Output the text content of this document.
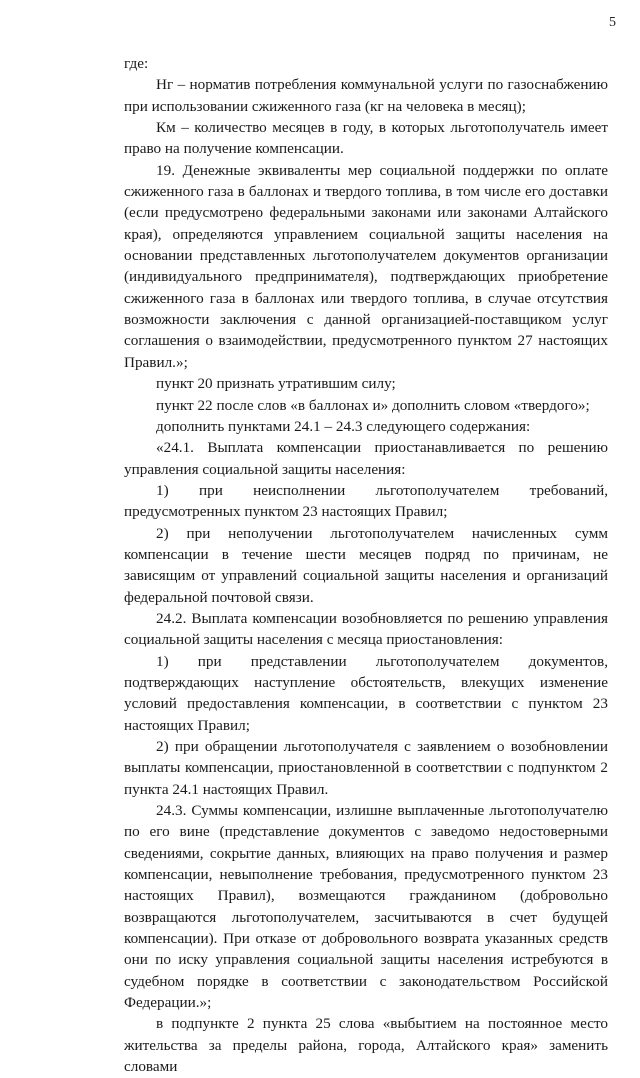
5

где:

Нг – норматив потребления коммунальной услуги по газоснабжению при использовании сжиженного газа (кг на человека в месяц);

Км – количество месяцев в году, в которых льготополучатель имеет право на получение компенсации.

19. Денежные эквиваленты мер социальной поддержки по оплате сжиженного газа в баллонах и твердого топлива, в том числе его доставки (если предусмотрено федеральными законами или законами Алтайского края), определяются управлением социальной защиты населения на основании представленных льготополучателем документов организации (индивидуального предпринимателя), подтверждающих приобретение сжиженного газа в баллонах или твердого топлива, в случае отсутствия возможности заключения с данной организацией-поставщиком услуг соглашения о взаимодействии, предусмотренного пунктом 27 настоящих Правил.»;

пункт 20 признать утратившим силу;

пункт 22 после слов «в баллонах и» дополнить словом «твердого»;

дополнить пунктами 24.1 – 24.3 следующего содержания:

«24.1. Выплата компенсации приостанавливается по решению управления социальной защиты населения:

1) при неисполнении льготополучателем требований, предусмотренных пунктом 23 настоящих Правил;

2) при неполучении льготополучателем начисленных сумм компенсации в течение шести месяцев подряд по причинам, не зависящим от управлений социальной защиты населения и организаций федеральной почтовой связи.

24.2. Выплата компенсации возобновляется по решению управления социальной защиты населения с месяца приостановления:

1) при представлении льготополучателем документов, подтверждающих наступление обстоятельств, влекущих изменение условий предоставления компенсации, в соответствии с пунктом 23 настоящих Правил;

2) при обращении льготополучателя с заявлением о возобновлении выплаты компенсации, приостановленной в соответствии с подпунктом 2 пункта 24.1 настоящих Правил.

24.3. Суммы компенсации, излишне выплаченные льготополучателю по его вине (представление документов с заведомо недостоверными сведениями, сокрытие данных, влияющих на право получения и размер компенсации, невыполнение требования, предусмотренного пунктом 23 настоящих Правил), возмещаются гражданином (добровольно возвращаются льготополучателем, засчитываются в счет будущей компенсации). При отказе от добровольного возврата указанных средств они по иску управления социальной защиты населения истребуются в судебном порядке в соответствии с законодательством Российской Федерации.»;

в подпункте 2 пункта 25 слова «выбытием на постоянное место жительства за пределы района, города, Алтайского края» заменить словами
